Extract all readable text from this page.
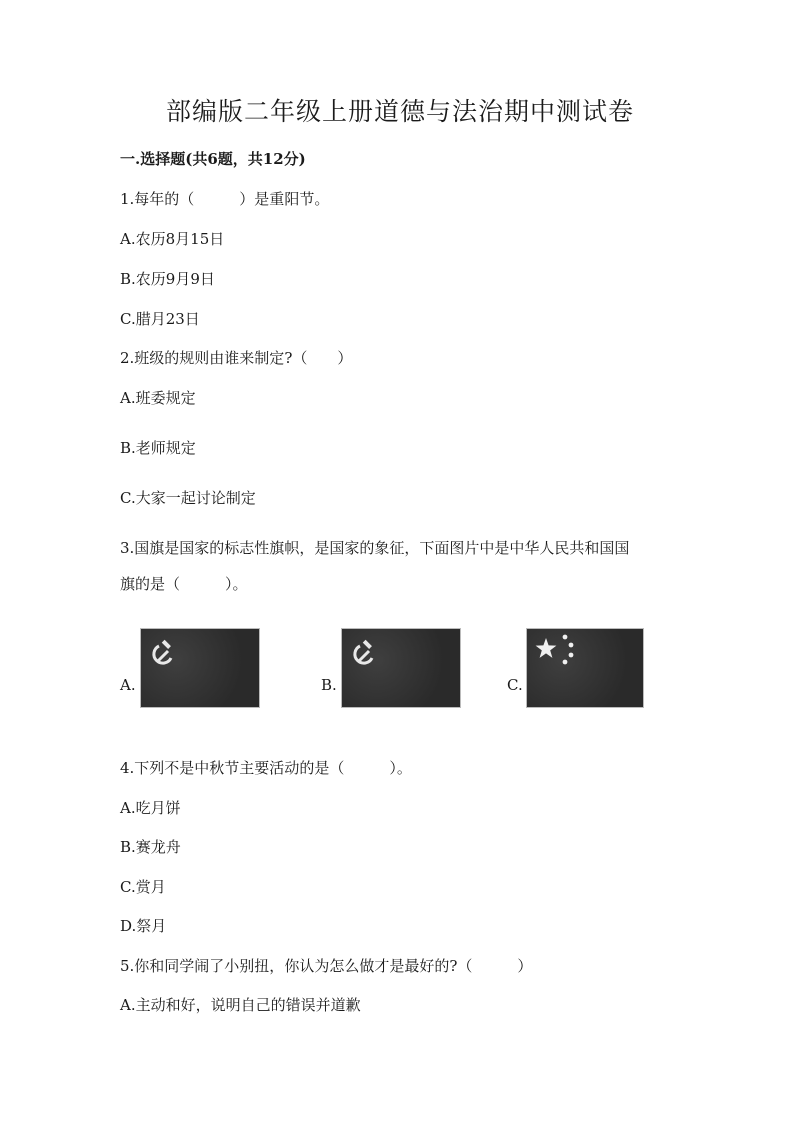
部编版二年级上册道德与法治期中测试卷
一.选择题(共6题，共12分)
1.每年的（　　　）是重阳节。
A.农历8月15日
B.农历9月9日
C.腊月23日
2.班级的规则由谁来制定?（　　）
A.班委规定
B.老师规定
C.大家一起讨论制定
3.国旗是国家的标志性旗帜，是国家的象征，下面图片中是中华人民共和国国
旗的是（　　　）。
A.	B.	C.
4.下列不是中秋节主要活动的是（　　　）。
A.吃月饼
B.赛龙舟
C.赏月
D.祭月
5.你和同学闹了小别扭，你认为怎么做才是最好的?（　　　）
A.主动和好，说明自己的错误并道歉
